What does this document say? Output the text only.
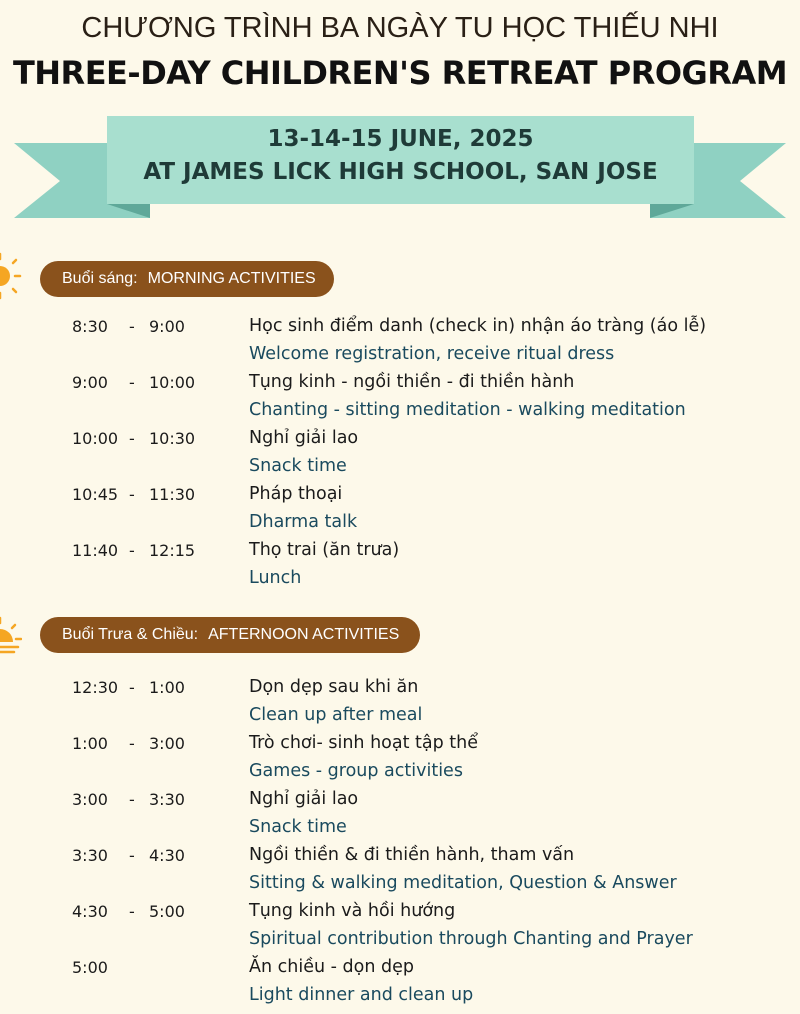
CHƯƠNG TRÌNH BA NGÀY TU HỌC THIẾU NHI
THREE-DAY CHILDREN'S RETREAT PROGRAM
13-14-15 JUNE, 2025
AT JAMES LICK HIGH SCHOOL, SAN JOSE
Buổi sáng: MORNING ACTIVITIES
8:30 - 9:00	Học sinh điểm danh (check in) nhận áo tràng (áo lễ)
Welcome registration, receive ritual dress
9:00 - 10:00	Tụng kinh - ngồi thiền - đi thiền hành
Chanting - sitting meditation - walking meditation
10:00 - 10:30	Nghỉ giải lao
Snack time
10:45 - 11:30	Pháp thoại
Dharma talk
11:40 - 12:15	Thọ trai (ăn trưa)
Lunch
Buổi Trưa & Chiều: AFTERNOON ACTIVITIES
12:30 - 1:00	Dọn dẹp sau khi ăn
Clean up after meal
1:00 - 3:00	Trò chơi- sinh hoạt tập thể
Games - group activities
3:00 - 3:30	Nghỉ giải lao
Snack time
3:30 - 4:30	Ngồi thiền & đi thiền hành, tham vấn
Sitting & walking meditation, Question & Answer
4:30 - 5:00	Tụng kinh và hồi hướng
Spiritual contribution through Chanting and Prayer
5:00	Ăn chiều - dọn dẹp
Light dinner and clean up
